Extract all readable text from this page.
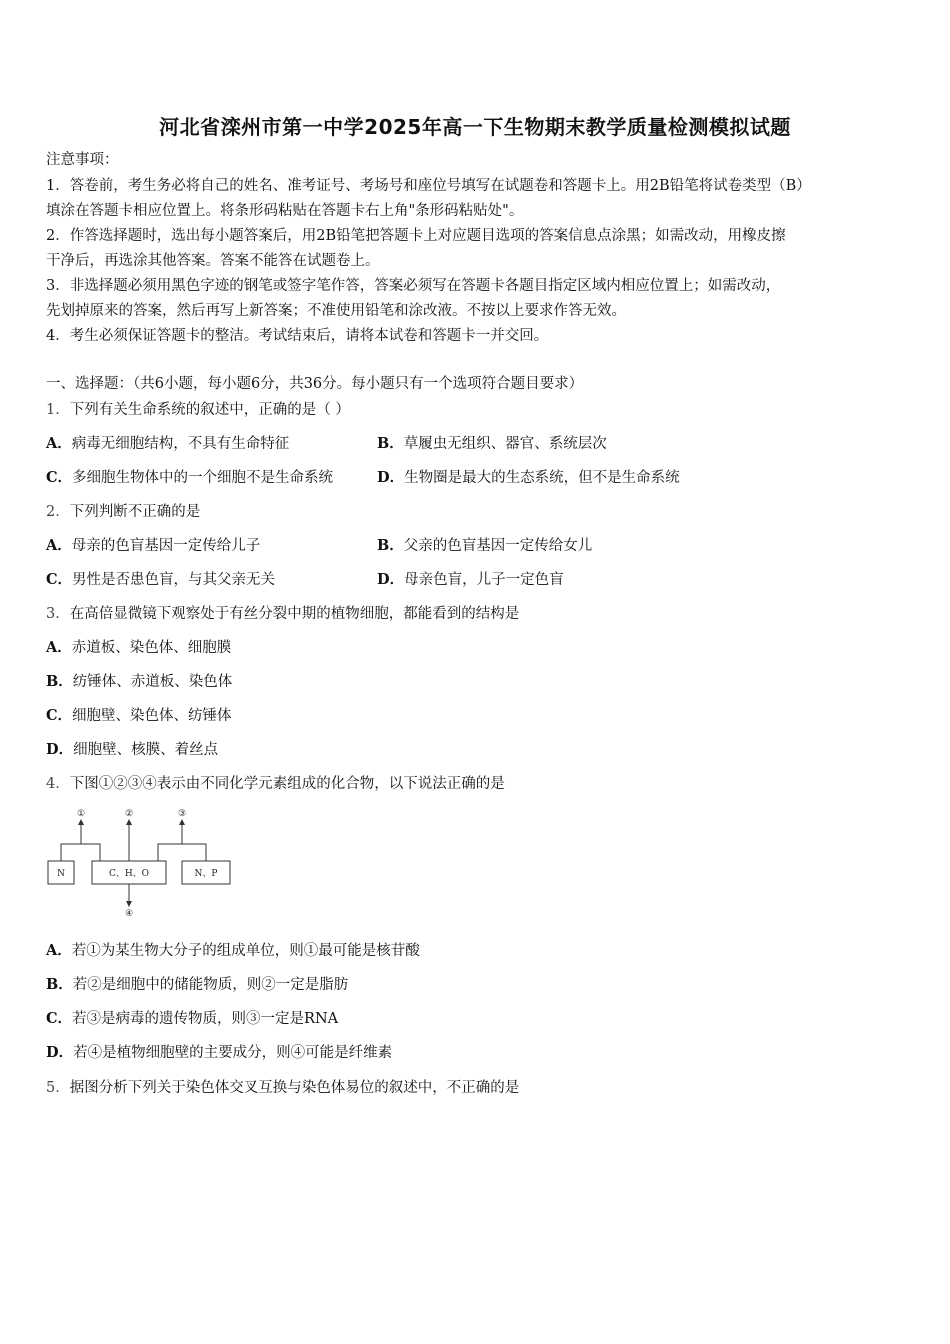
河北省滦州市第一中学2025年高一下生物期末教学质量检测模拟试题
注意事项：
1．答卷前，考生务必将自己的姓名、准考证号、考场号和座位号填写在试题卷和答题卡上。用2B铅笔将试卷类型（B）
填涂在答题卡相应位置上。将条形码粘贴在答题卡右上角"条形码粘贴处"。
2．作答选择题时，选出每小题答案后，用2B铅笔把答题卡上对应题目选项的答案信息点涂黑；如需改动，用橡皮擦
干净后，再选涂其他答案。答案不能答在试题卷上。
3．非选择题必须用黑色字迹的钢笔或签字笔作答，答案必须写在答题卡各题目指定区域内相应位置上；如需改动，
先划掉原来的答案，然后再写上新答案；不准使用铅笔和涂改液。不按以上要求作答无效。
4．考生必须保证答题卡的整洁。考试结束后，请将本试卷和答题卡一并交回。
一、选择题：（共6小题，每小题6分，共36分。每小题只有一个选项符合题目要求）
1．下列有关生命系统的叙述中，正确的是（ ）
A．病毒无细胞结构，不具有生命特征	B．草履虫无组织、器官、系统层次
C．多细胞生物体中的一个细胞不是生命系统	D．生物圈是最大的生态系统，但不是生命系统
2．下列判断不正确的是
A．母亲的色盲基因一定传给儿子	B．父亲的色盲基因一定传给女儿
C．男性是否患色盲，与其父亲无关	D．母亲色盲，儿子一定色盲
3．在高倍显微镜下观察处于有丝分裂中期的植物细胞，都能看到的结构是
A．赤道板、染色体、细胞膜
B．纺锤体、赤道板、染色体
C．细胞壁、染色体、纺锤体
D．细胞壁、核膜、着丝点
4．下图①②③④表示由不同化学元素组成的化合物，以下说法正确的是
N	C、H、O	N、P
①	②	③
④
A．若①为某生物大分子的组成单位，则①最可能是核苷酸
B．若②是细胞中的储能物质，则②一定是脂肪
C．若③是病毒的遗传物质，则③一定是RNA
D．若④是植物细胞壁的主要成分，则④可能是纤维素
5．据图分析下列关于染色体交叉互换与染色体易位的叙述中，不正确的是
